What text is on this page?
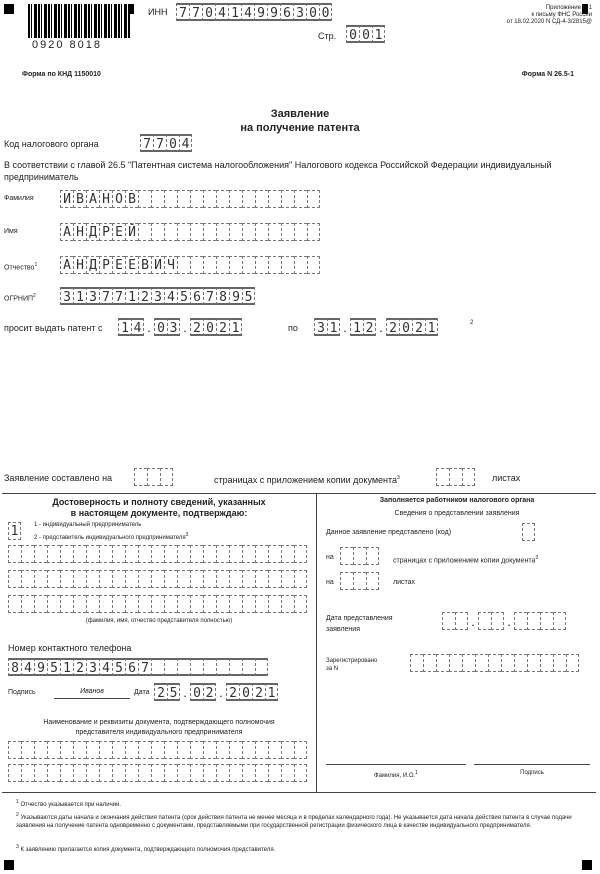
0920 8018
ИНН 7 7 0 4 1 4 9 9 6 3 0 0
Стр. 0 0 1
Приложение N 1
к письму ФНС России
от 18.02.2020 N СД-4-3/2815@
Форма по КНД 1150010	Форма N 26.5-1
Заявление
на получение патента
Код налогового органа	7 7 0 4
В соответствии с главой 26.5 "Патентная система налогообложения" Налогового кодекса Российской Федерации индивидуальный предприниматель
Фамилия И В А Н О В
Имя	А Н Д Р Е Й
Отчество$^1$ А Н Д Р Е Е В И Ч
ОГРНИП$^2$ 3 1 3 7 7 1 2 3 4 5 6 7 8 9 5
просит выдать патент с 1 4 . 0 3 . 2 0 2 1	по 3 1 . 1 2 . 2 0 2 1	2
Заявление составлено на	страницах с приложением копии документа$^3$	листах
Достоверность и полноту сведений, указанных
в настоящем документе, подтверждаю:
1	1 - индивидуальный предприниматель
2 - представитель индивидуального предпринимателя$^3$
(фамилия, имя, отчество представителя полностью)
Номер контактного телефона
8 4 9 5 1 2 3 4 5 6 7
Подпись	Иванов	Дата 2 5 . 0 2 . 2 0 2 1
Наименование и реквизиты документа, подтверждающего полномочия
представителя индивидуального предпринимателя
Заполняется работником налогового органа
Сведения о представлении заявления
Данное заявление представлено (код)
на	страницах с приложением копии документа$^3$
на	листах
Дата представления
заявления
. .
Зарегистрировано
за N
Фамилия, И.О.$^1$	Подпись
$^1$ Отчество указывается при наличии.
$^2$ Указываются даты начала и окончания действия патента (срок действия патента не менее месяца и в пределах календарного года). Не указывается дата начала действия патента в случае подачи заявления на получение патента одновременно с документами, представляемыми при государственной регистрации физического лица в качестве индивидуального предпринимателя.
$^3$ К заявлению прилагается копия документа, подтверждающего полномочия представителя.
